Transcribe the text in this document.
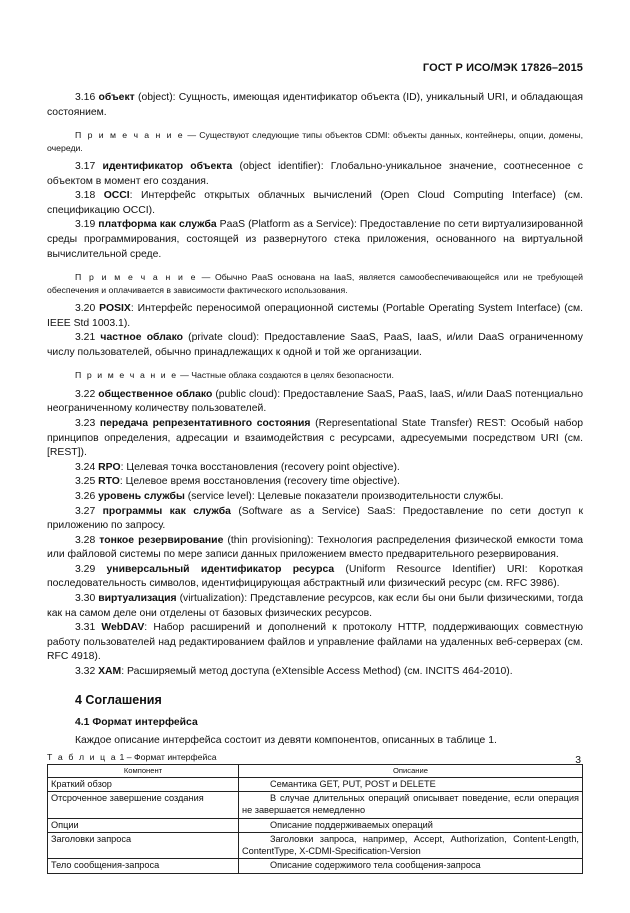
ГОСТ Р ИСО/МЭК 17826–2015

3.16 объект (object): Сущность, имеющая идентификатор объекта (ID), уникальный URI, и обладающая состоянием.

П р и м е ч а н и е — Существуют следующие типы объектов CDMI: объекты данных, контейнеры, опции, домены, очереди.

3.17 идентификатор объекта (object identifier): Глобально-уникальное значение, соотнесенное с объектом в момент его создания.

3.18 OCCI: Интерфейс открытых облачных вычислений (Open Cloud Computing Interface) (см. спецификацию OCCI).

3.19 платформа как служба PaaS (Platform as a Service): Предоставление по сети виртуализированной среды программирования, состоящей из развернутого стека приложения, основанного на виртуальной вычислительной среде.

П р и м е ч а н и е — Обычно PaaS основана на IaaS, является самообеспечивающейся или не требующей обеспечения и оплачивается в зависимости фактического использования.

3.20 POSIX: Интерфейс переносимой операционной системы (Portable Operating System Interface) (см. IEEE Std 1003.1).

3.21 частное облако (private cloud): Предоставление SaaS, PaaS, IaaS, и/или DaaS ограниченному числу пользователей, обычно принадлежащих к одной и той же организации.

П р и м е ч а н и е — Частные облака создаются в целях безопасности.

3.22 общественное облако (public cloud): Предоставление SaaS, PaaS, IaaS, и/или DaaS потенциально неограниченному количеству пользователей.

3.23 передача репрезентативного состояния (Representational State Transfer) REST: Особый набор принципов определения, адресации и взаимодействия с ресурсами, адресуемыми посредством URI (см. [REST]).

3.24 RPO: Целевая точка восстановления (recovery point objective).

3.25 RTO: Целевое время восстановления (recovery time objective).

3.26 уровень службы (service level): Целевые показатели производительности службы.

3.27 программы как служба (Software as a Service) SaaS: Предоставление по сети доступ к приложению по запросу.

3.28 тонкое резервирование (thin provisioning): Технология распределения физической емкости тома или файловой системы по мере записи данных приложением вместо предварительного резервирования.

3.29 универсальный идентификатор ресурса (Uniform Resource Identifier) URI: Короткая последовательность символов, идентифицирующая абстрактный или физический ресурс (см. RFC 3986).

3.30 виртуализация (virtualization): Представление ресурсов, как если бы они были физическими, тогда как на самом деле они отделены от базовых физических ресурсов.

3.31 WebDAV: Набор расширений и дополнений к протоколу HTTP, поддерживающих совместную работу пользователей над редактированием файлов и управление файлами на удаленных веб-серверах (см. RFC 4918).

3.32 XAM: Расширяемый метод доступа (eXtensible Access Method) (см. INCITS 464-2010).

4 Соглашения
4.1 Формат интерфейса

Каждое описание интерфейса состоит из девяти компонентов, описанных в таблице 1.

Т а б л и ц а 1 – Формат интерфейса
Компонент	Описание
Краткий обзор	Семантика GET, PUT, POST и DELETE
Отсроченное завершение создания	В случае длительных операций описывает поведение, если операция не завершается немедленно
Опции	Описание поддерживаемых операций
Заголовки запроса	Заголовки запроса, например, Accept, Authorization, Content-Length, ContentType, X-CDMI-Specification-Version
Тело сообщения-запроса	Описание содержимого тела сообщения-запроса
3
